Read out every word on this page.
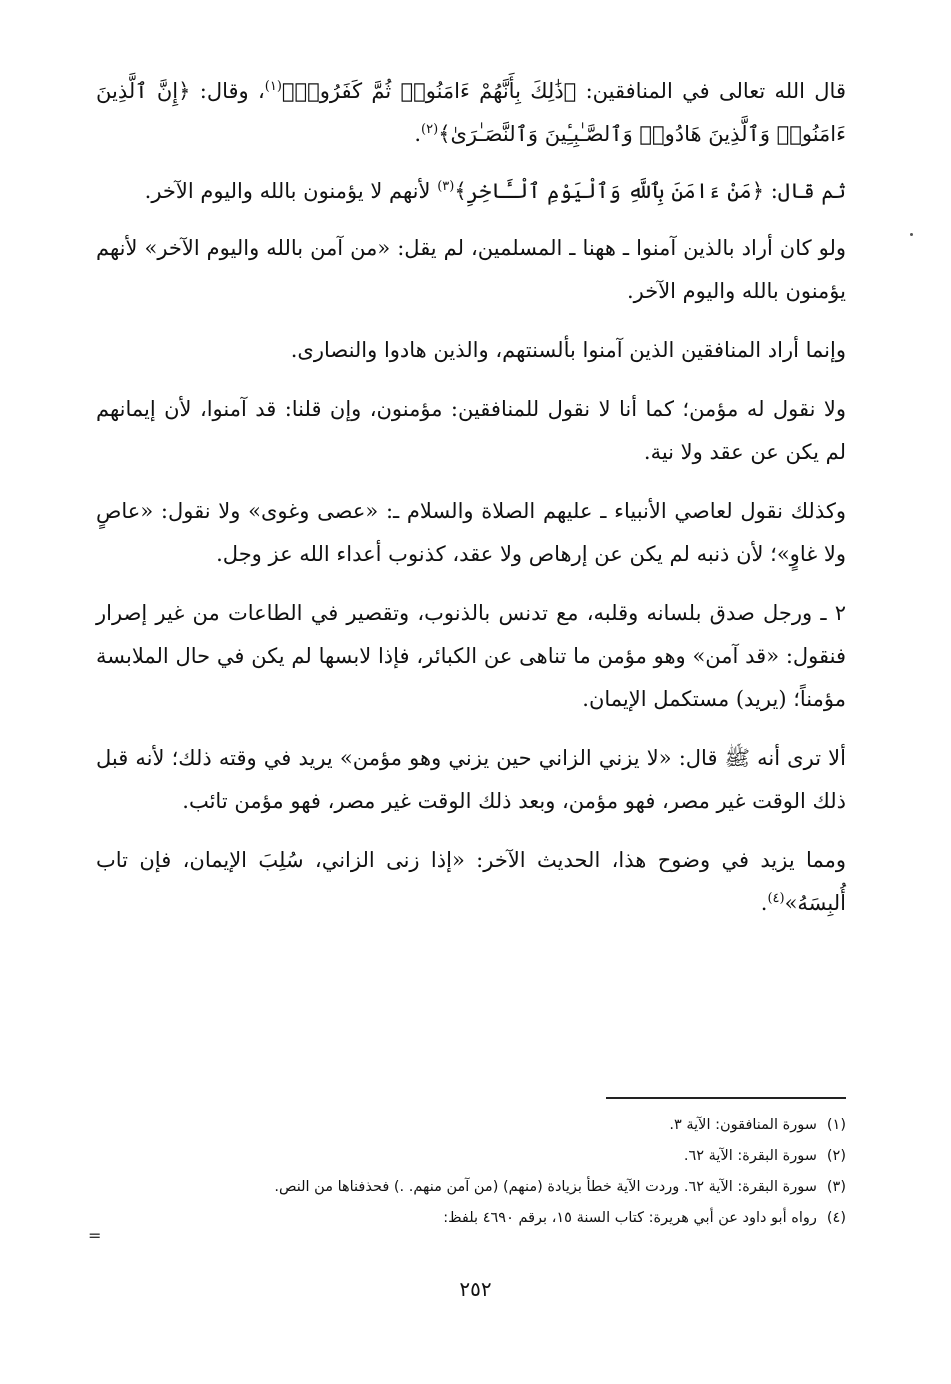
قال الله تعالى في المنافقين: ﴿ذَٰلِكَ بِأَنَّهُمْ ءَامَنُوا۟ ثُمَّ كَفَرُوا۟﴾$^{(١)}$، وقال: ﴿إِنَّ ٱلَّذِينَ ءَامَنُوا۟ وَٱلَّذِينَ هَادُوا۟ وَٱلصَّـٰبِـِٔينَ وَٱلنَّصَـٰرَىٰ﴾$^{(٢)}$.

ثم قال: ﴿مَنْ ءَامَنَ بِٱللَّهِ وَٱلْيَوْمِ ٱلْـَٔاخِرِ﴾$^{(٣)}$ لأنهم لا يؤمنون بالله واليوم الآخر.

ولو كان أراد بالذين آمنوا ـ ههنا ـ المسلمين، لم يقل: «من آمن بالله واليوم الآخر» لأنهم يؤمنون بالله واليوم الآخر.

وإنما أراد المنافقين الذين آمنوا بألسنتهم، والذين هادوا والنصارى.

ولا نقول له مؤمن؛ كما أنا لا نقول للمنافقين: مؤمنون، وإن قلنا: قد آمنوا، لأن إيمانهم لم يكن عن عقد ولا نية.

وكذلك نقول لعاصي الأنبياء ـ عليهم الصلاة والسلام ـ: «عصى وغوى» ولا نقول: «عاصٍ ولا غاوٍ»؛ لأن ذنبه لم يكن عن إرهاص ولا عقد، كذنوب أعداء الله عز وجل.

٢ ـ ورجل صدق بلسانه وقلبه، مع تدنس بالذنوب، وتقصير في الطاعات من غير إصرار فنقول: «قد آمن» وهو مؤمن ما تناهى عن الكبائر، فإذا لابسها لم يكن في حال الملابسة مؤمناً؛ (يريد) مستكمل الإيمان.

ألا ترى أنه ﷺ قال: «لا يزني الزاني حين يزني وهو مؤمن» يريد في وقته ذلك؛ لأنه قبل ذلك الوقت غير مصر، فهو مؤمن، وبعد ذلك الوقت غير مصر، فهو مؤمن تائب.

ومما يزيد في وضوح هذا، الحديث الآخر: «إذا زنى الزاني، سُلِبَ الإيمان، فإن تاب أُلبِسَهُ»$^{(٤)}$.

(١)سورة المنافقون: الآية ٣.
(٢)سورة البقرة: الآية ٦٢.
(٣)سورة البقرة: الآية ٦٢. وردت الآية خطأ بزيادة (منهم) (من آمن منهم. .) فحذفناها من النص.
(٤)رواه أبو داود عن أبي هريرة: كتاب السنة ١٥، برقم ٤٦٩٠ بلفظ:
=
٢٥٢
